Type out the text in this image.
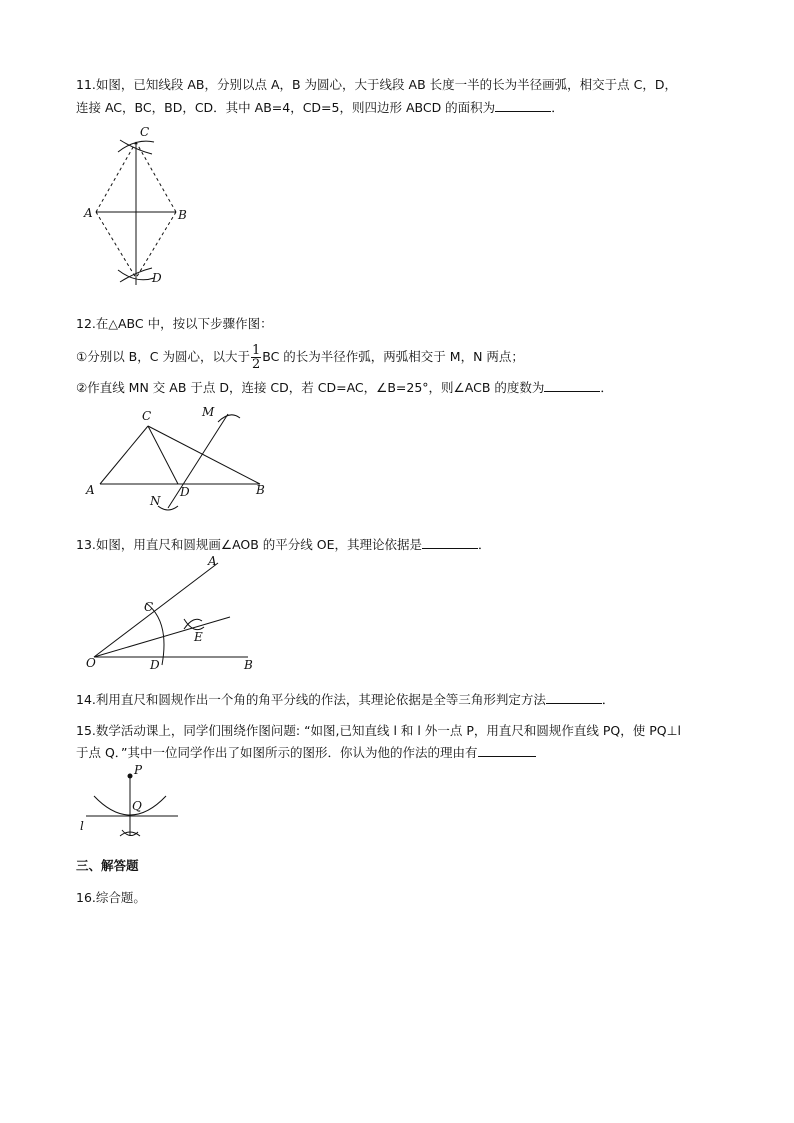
11.如图，已知线段 AB，分别以点 A，B 为圆心，大于线段 AB 长度一半的长为半径画弧，相交于点 C，D，
连接 AC，BC，BD，CD．其中 AB=4，CD=5，则四边形 ABCD 的面积为	．
C
A	B
D
12.在△ABC 中，按以下步骤作图：
①分别以 B，C 为圆心，以大于 $\frac{1}{2}$ BC 的长为半径作弧，两弧相交于 M，N 两点；
②作直线 MN 交 AB 于点 D，连接 CD，若 CD=AC，∠B=25°，则∠ACB 的度数为	．
C	M
A	D	B
N
13.如图，用直尺和圆规画∠AOB 的平分线 OE，其理论依据是	．
A
C
E
O	D	B
14.利用直尺和圆规作出一个角的角平分线的作法，其理论依据是全等三角形判定方法	．
15.数学活动课上，同学们围绕作图问题: “如图,已知直线 l 和 l 外一点 P，用直尺和圆规作直线 PQ，使 PQ⊥l
于点 Q．”其中一位同学作出了如图所示的图形．你认为他的作法的理由有
P
Q
l
三、解答题
16.综合题。
